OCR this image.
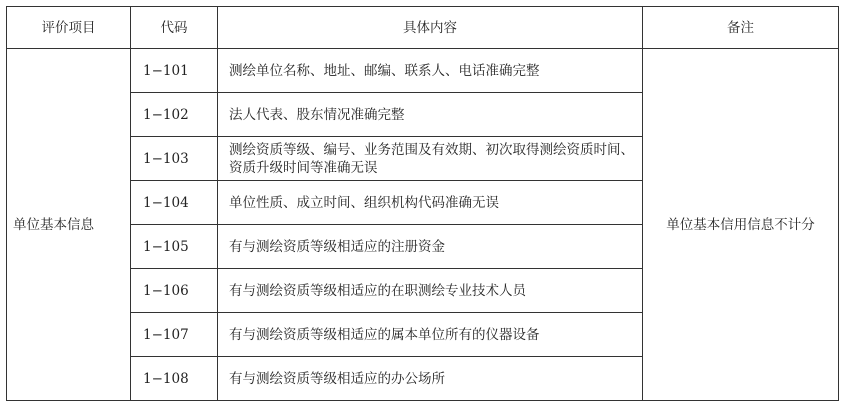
评价项目	代码	具体内容	备注
单位基本信息	1−101	测绘单位名称、地址、邮编、联系人、电话准确完整	单位基本信用信息不计分
	1−102	法人代表、股东情况准确完整	
	1−103	测绘资质等级、编号、业务范围及有效期、初次取得测绘资质时间、资质升级时间等准确无误	
	1−104	单位性质、成立时间、组织机构代码准确无误	
	1−105	有与测绘资质等级相适应的注册资金	
	1−106	有与测绘资质等级相适应的在职测绘专业技术人员	
	1−107	有与测绘资质等级相适应的属本单位所有的仪器设备	
	1−108	有与测绘资质等级相适应的办公场所	
